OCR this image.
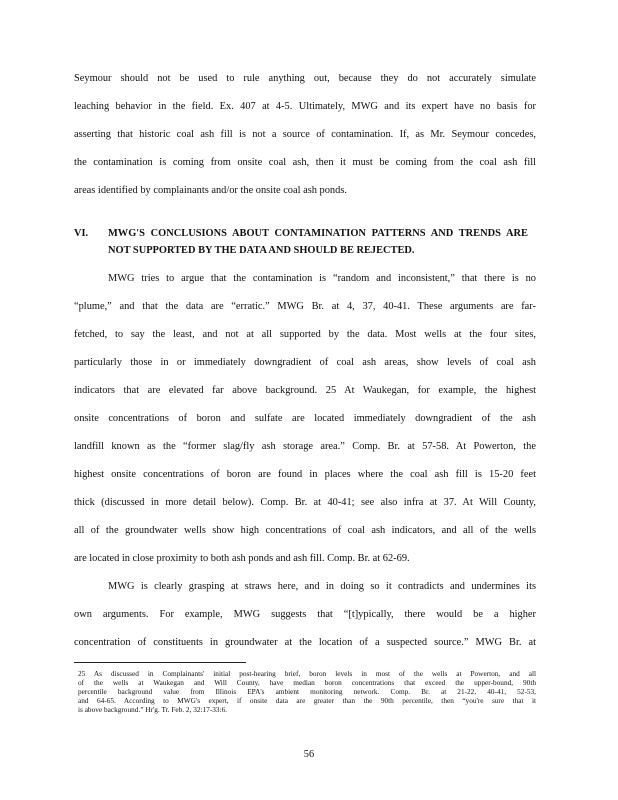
Seymour should not be used to rule anything out, because they do not accurately simulate
leaching behavior in the field. Ex. 407 at 4-5. Ultimately, MWG and its expert have no basis for
asserting that historic coal ash fill is not a source of contamination. If, as Mr. Seymour concedes,
the contamination is coming from onsite coal ash, then it must be coming from the coal ash fill
areas identified by complainants and/or the onsite coal ash ponds.
VI. MWG'S CONCLUSIONS ABOUT CONTAMINATION PATTERNS AND TRENDS ARE
NOT SUPPORTED BY THE DATA AND SHOULD BE REJECTED.
MWG tries to argue that the contamination is “random and inconsistent,” that there is no
“plume,” and that the data are “erratic.” MWG Br. at 4, 37, 40-41. These arguments are far-
fetched, to say the least, and not at all supported by the data. Most wells at the four sites,
particularly those in or immediately downgradient of coal ash areas, show levels of coal ash
indicators that are elevated far above background. 25 At Waukegan, for example, the highest
onsite concentrations of boron and sulfate are located immediately downgradient of the ash
landfill known as the “former slag/fly ash storage area.” Comp. Br. at 57-58. At Powerton, the
highest onsite concentrations of boron are found in places where the coal ash fill is 15-20 feet
thick (discussed in more detail below). Comp. Br. at 40-41; see also infra at 37. At Will County,
all of the groundwater wells show high concentrations of coal ash indicators, and all of the wells
are located in close proximity to both ash ponds and ash fill. Comp. Br. at 62-69.
MWG is clearly grasping at straws here, and in doing so it contradicts and undermines its
own arguments. For example, MWG suggests that “[t]ypically, there would be a higher
concentration of constituents in groundwater at the location of a suspected source.” MWG Br. at
25 As discussed in Complainants' initial post-hearing brief, boron levels in most of the wells at Powerton, and all
of the wells at Waukegan and Will County, have median boron concentrations that exceed the upper-bound, 90th
percentile background value from Illinois EPA's ambient monitoring network. Comp. Br. at 21-22, 40-41, 52-53,
and 64-65. According to MWG's expert, if onsite data are greater than the 90th percentile, then “you're sure that it
is above background.” Hr'g. Tr. Feb. 2, 32:17-33:6.
56
